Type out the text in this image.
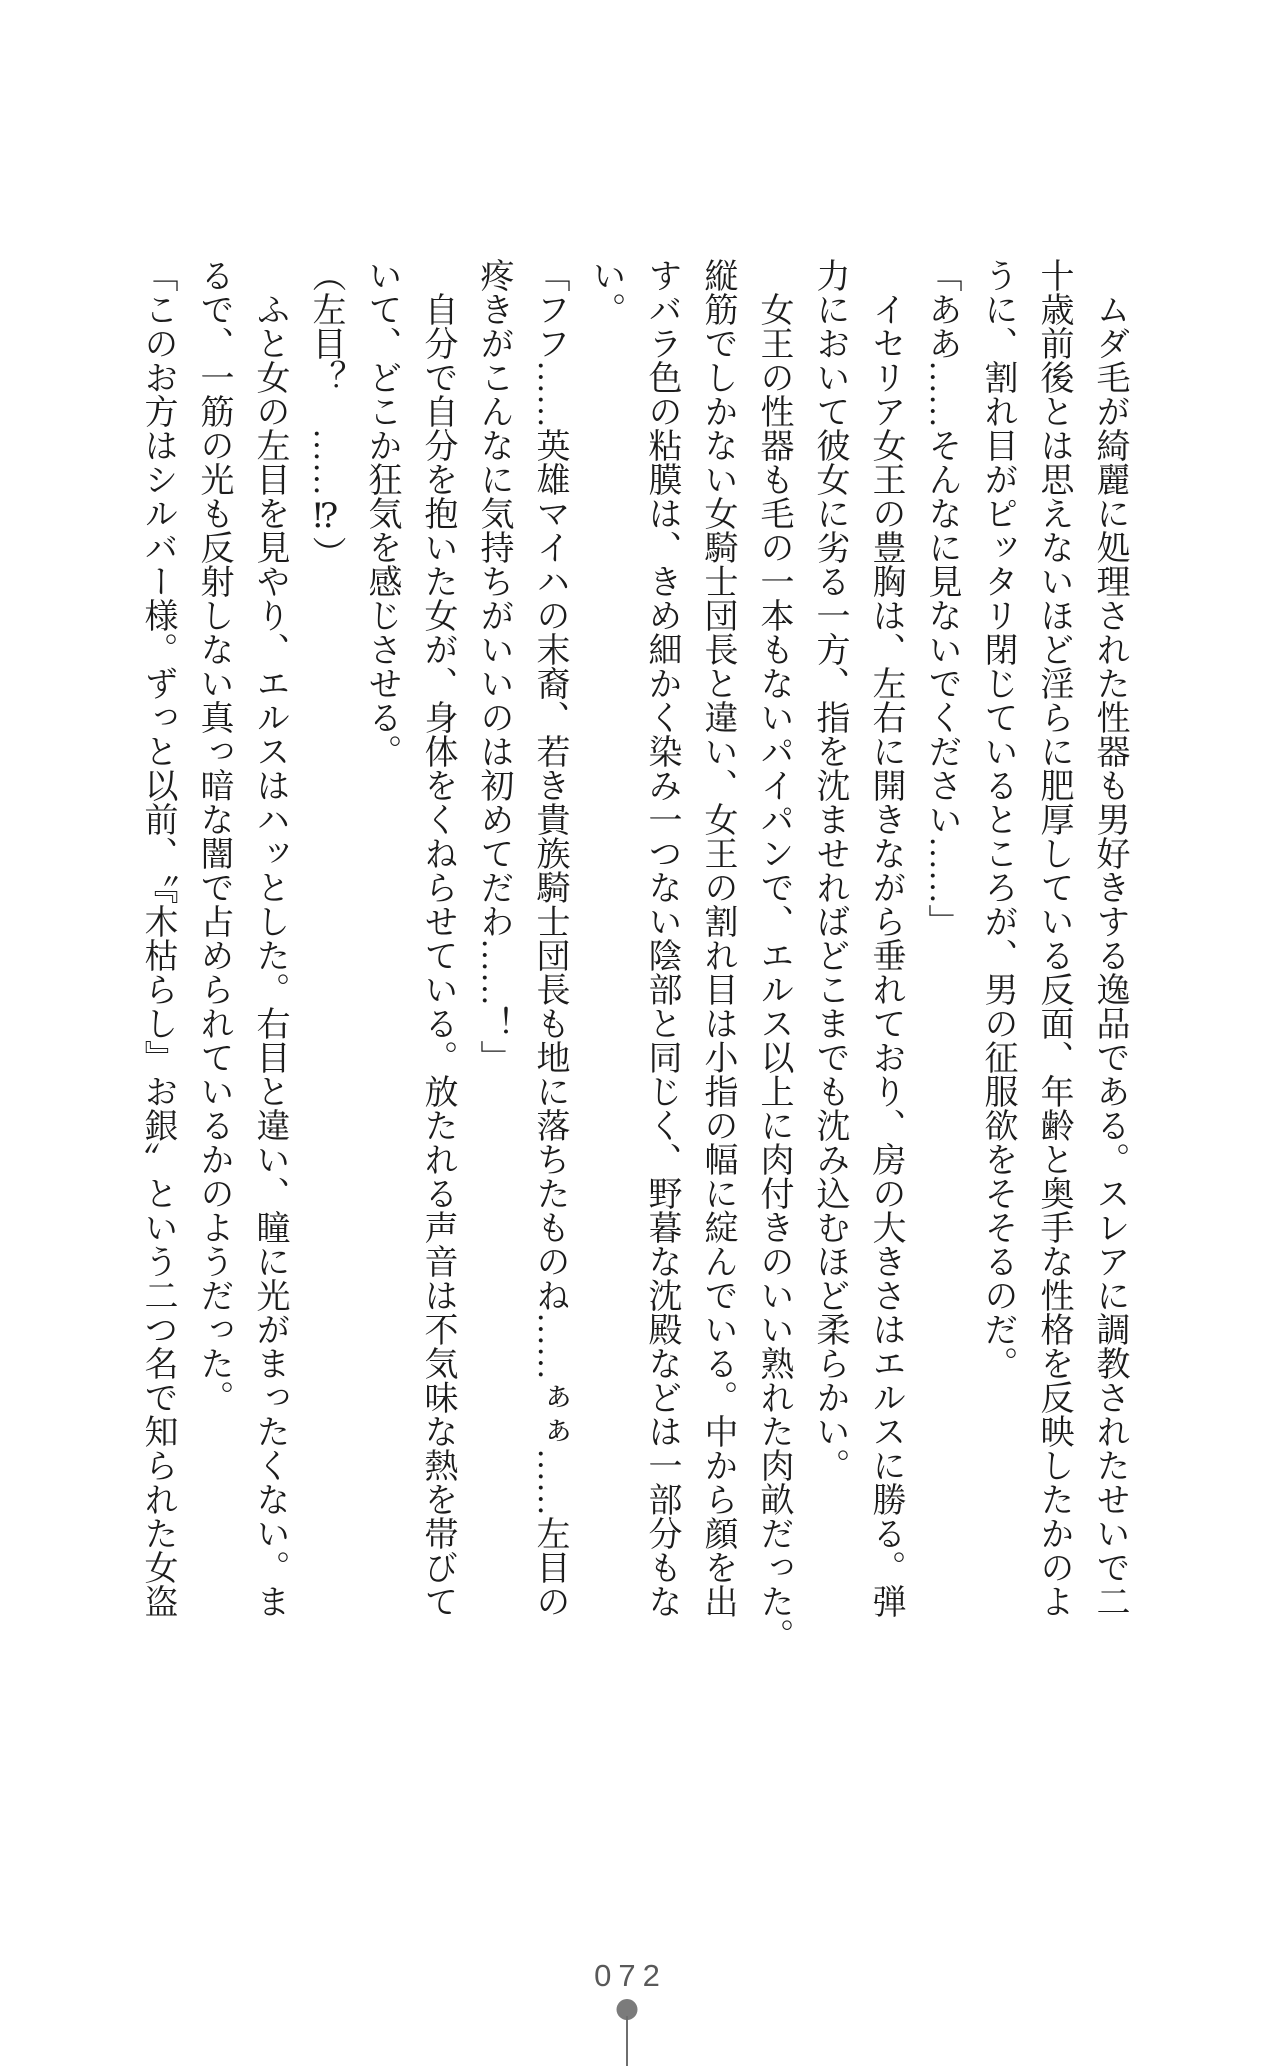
　ムダ毛が綺麗に処理された性器も男好きする逸品である。スレアに調教されたせいで二

十歳前後とは思えないほど淫らに肥厚している反面、年齢と奥手な性格を反映したかのよ

うに、割れ目がピッタリ閉じているところが、男の征服欲をそそるのだ。

「ああ……そんなに見ないでください……」

　イセリア女王の豊胸は、左右に開きながら垂れており、房の大きさはエルスに勝る。弾

力において彼女に劣る一方、指を沈ませればどこまでも沈み込むほど柔らかい。

　女王の性器も毛の一本もないパイパンで、エルス以上に肉付きのいい熟れた肉畝だった。

縦筋でしかない女騎士団長と違い、女王の割れ目は小指の幅に綻んでいる。中から顔を出

すバラ色の粘膜は、きめ細かく染み一つない陰部と同じく、野暮な沈殿などは一部分もな

い。

「フフ……英雄マイハの末裔、若き貴族騎士団長も地に落ちたものね……ぁぁ……左目の

疼きがこんなに気持ちがいいのは初めてだわ……！」

　自分で自分を抱いた女が、身体をくねらせている。放たれる声音は不気味な熱を帯びて

いて、どこか狂気を感じさせる。

（左目？　……⁉）

　ふと女の左目を見やり、エルスはハッとした。右目と違い、瞳に光がまったくない。ま

るで、一筋の光も反射しない真っ暗な闇で占められているかのようだった。

「このお方はシルバー様。ずっと以前、〝『木枯らし』お銀〟という二つ名で知られた女盗

072
